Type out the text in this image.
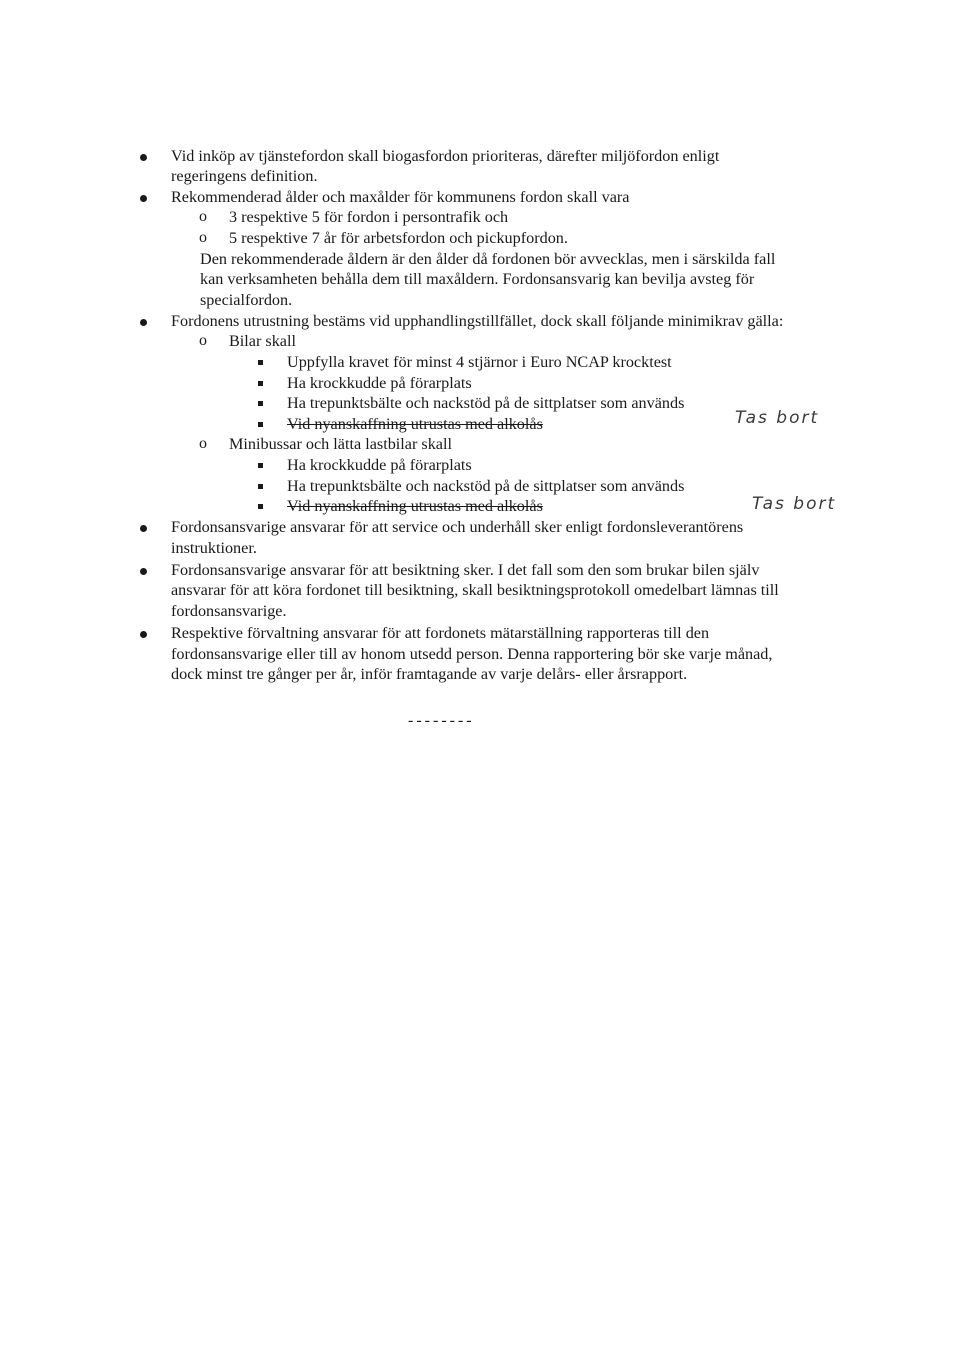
Vid inköp av tjänstefordon skall biogasfordon prioriteras, därefter miljöfordon enligt
regeringens definition.
Rekommenderad ålder och maxålder för kommunens fordon skall vara
o 3 respektive 5 för fordon i persontrafik och
o 5 respektive 7 år för arbetsfordon och pickupfordon.
Den rekommenderade åldern är den ålder då fordonen bör avvecklas, men i särskilda fall
kan verksamheten behålla dem till maxåldern. Fordonsansvarig kan bevilja avsteg för
specialfordon.
Fordonens utrustning bestäms vid upphandlingstillfället, dock skall följande minimikrav gälla:
o Bilar skall
Uppfylla kravet för minst 4 stjärnor i Euro NCAP krocktest
Ha krockkudde på förarplats
Ha trepunktsbälte och nackstöd på de sittplatser som används
Vid nyanskaffning utrustas med alkolås	Tas bort
o Minibussar och lätta lastbilar skall
Ha krockkudde på förarplats
Ha trepunktsbälte och nackstöd på de sittplatser som används
Vid nyanskaffning utrustas med alkolås	Tas bort
Fordonsansvarige ansvarar för att service och underhåll sker enligt fordonsleverantörens
instruktioner.
Fordonsansvarige ansvarar för att besiktning sker. I det fall som den som brukar bilen själv
ansvarar för att köra fordonet till besiktning, skall besiktningsprotokoll omedelbart lämnas till
fordonsansvarige.
Respektive förvaltning ansvarar för att fordonets mätarställning rapporteras till den
fordonsansvarige eller till av honom utsedd person. Denna rapportering bör ske varje månad,
dock minst tre gånger per år, inför framtagande av varje delårs- eller årsrapport.
--------
